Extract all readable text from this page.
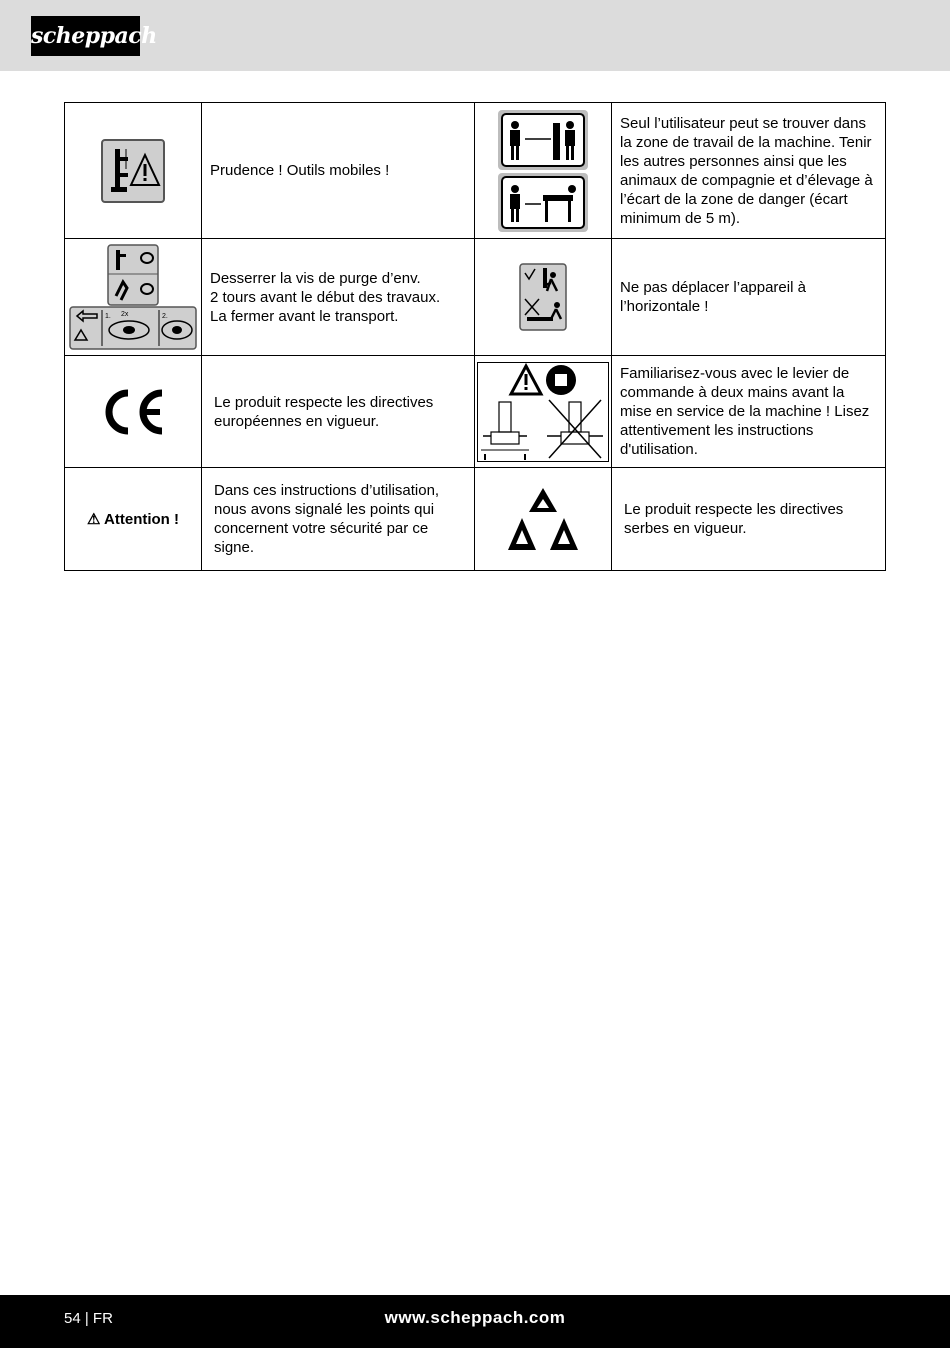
scheppach
	Prudence ! Outils mobiles !		Seul l’utilisateur peut se trouver dans la zone de travail de la machine. Tenir les autres personnes ainsi que les animaux de compagnie et d’élevage à l’écart de la zone de danger (écart minimum de 5 m).

1. 2x 2.	Desserrer la vis de purge d’env.
2 tours avant le début des travaux.
La fermer avant le transport.		Ne pas déplacer l’appareil à l’horizontale !

	Le produit respecte les directives européennes en vigueur.		Familiarisez-vous avec le levier de commande à deux mains avant la mise en service de la machine ! Lisez attentivement les instructions d'utilisation.
⚠ Attention !	Dans ces instructions d’utilisation, nous avons signalé les points qui concernent votre sécurité par ce signe.		Le produit respecte les directives serbes en vigueur.
54 | FR	www.scheppach.com
